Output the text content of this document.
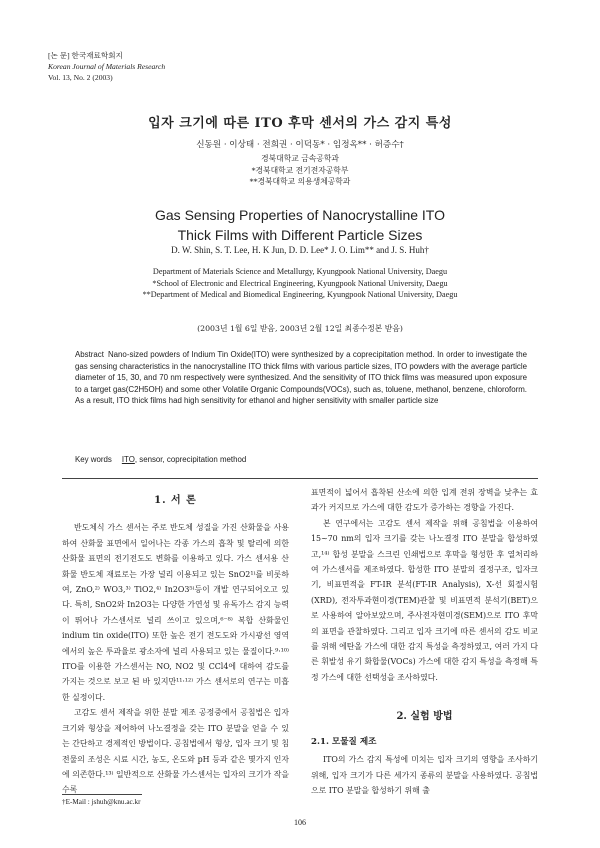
[논 문] 한국재료학회지
Korean Journal of Materials Research
Vol. 13, No. 2 (2003)
입자 크기에 따른 ITO 후막 센서의 가스 감지 특성
신동원 · 이상태 · 전희권 · 이덕동* · 임정옥** · 허증수†
경북대학교 금속공학과
*경북대학교 전기전자공학부
**경북대학교 의용생체공학과
Gas Sensing Properties of Nanocrystalline ITO
Thick Films with Different Particle Sizes
D. W. Shin, S. T. Lee, H. K Jun, D. D. Lee* J. O. Lim** and J. S. Huh†
Department of Materials Science and Metallurgy, Kyungpook National University, Daegu
*School of Electronic and Electrical Engineering, Kyungpook National University, Daegu
**Department of Medical and Biomedical Engineering, Kyungpook National University, Daegu
(2003년 1월 6일 받음, 2003년 2월 12일 최종수정본 받음)
Abstract Nano-sized powders of Indium Tin Oxide(ITO) were synthesized by a coprecipitation method. In order to investigate the gas sensing characteristics in the nanocrystalline ITO thick films with various particle sizes, ITO powders with the average particle diameter of 15, 30, and 70 nm respectively were synthesized. And the sensitivity of ITO thick films was measured upon exposure to a target gas(C2H5OH) and some other Volatile Organic Compounds(VOCs), such as, toluene, methanol, benzene, chloroform. As a result, ITO thick films had high sensitivity for ethanol and higher sensitivity with smaller particle size
Key words ITO, sensor, coprecipitation method
1. 서 론

반도체식 가스 센서는 주로 반도체 성질을 가진 산화물을 사용하여 산화물 표면에서 일어나는 각종 가스의 흡착 및 탈리에 의한 산화물 표면의 전기전도도 변화를 이용하고 있다. 가스 센서용 산화물 반도체 재료로는 가장 널리 이용되고 있는 SnO2¹⁾를 비롯하여, ZnO,²⁾ WO3,³⁾ TiO2,⁴⁾ In2O3⁵⁾등이 개발 연구되어오고 있다. 특히, SnO2와 In2O3는 다양한 가연성 및 유독가스 감지 능력이 뛰어나 가스센서로 널리 쓰이고 있으며,⁶⁻⁸⁾ 복합 산화물인 indium tin oxide(ITO) 또한 높은 전기 전도도와 가시광선 영역에서의 높은 투과율로 광소자에 널리 사용되고 있는 물질이다.⁹·¹⁰⁾ ITO를 이용한 가스센서는 NO, NO2 및 CCl4에 대하여 감도를 가지는 것으로 보고 된 바 있지만¹¹·¹²⁾ 가스 센서로의 연구는 미흡한 실정이다.

고감도 센서 제작을 위한 분말 제조 공정중에서 공침법은 입자 크기와 형상을 제어하여 나노결정을 갖는 ITO 분말을 얻을 수 있는 간단하고 경제적인 방법이다. 공침법에서 형상, 입자 크기 및 침전물의 조성은 시료 시간, 농도, 온도와 pH 등과 같은 몇가지 인자에 의존한다.¹³⁾ 일반적으로 산화물 가스센서는 입자의 크기가 작을수록

표면적이 넓어서 흡착된 산소에 의한 입계 전위 장벽을 낮추는 효과가 커지므로 가스에 대한 감도가 증가하는 경향을 가진다.

본 연구에서는 고감도 센서 제작을 위해 공침법을 이용하여 15~70 nm의 입자 크기를 갖는 나노결정 ITO 분말을 합성하였고,¹⁴⁾ 합성 분말을 스크린 인쇄법으로 후막을 형성한 후 열처리하여 가스센서를 제조하였다. 합성한 ITO 분말의 결정구조, 입자크기, 비표면적을 FT-IR 분석(FT-IR Analysis), X-선 회절시험(XRD), 전자투과현미경(TEM)관찰 및 비표면적 분석기(BET)으로 사용하여 알아보았으며, 주사전자현미경(SEM)으로 ITO 후막의 표면을 관찰하였다. 그리고 입자 크기에 따른 센서의 감도 비교를 위해 에탄올 가스에 대한 감지 특성을 측정하였고, 여러 가지 다른 휘발성 유기 화합물(VOCs) 가스에 대한 감지 특성을 측정해 특정 가스에 대한 선택성을 조사하였다.

2. 실험 방법
2.1. 모물질 제조

ITO의 가스 감지 특성에 미치는 입자 크기의 영향을 조사하기 위해, 입자 크기가 다른 세가지 종류의 분말을 사용하였다. 공침법으로 ITO 분말을 합성하기 위해 출

†E-Mail : jshuh@knu.ac.kr
106
